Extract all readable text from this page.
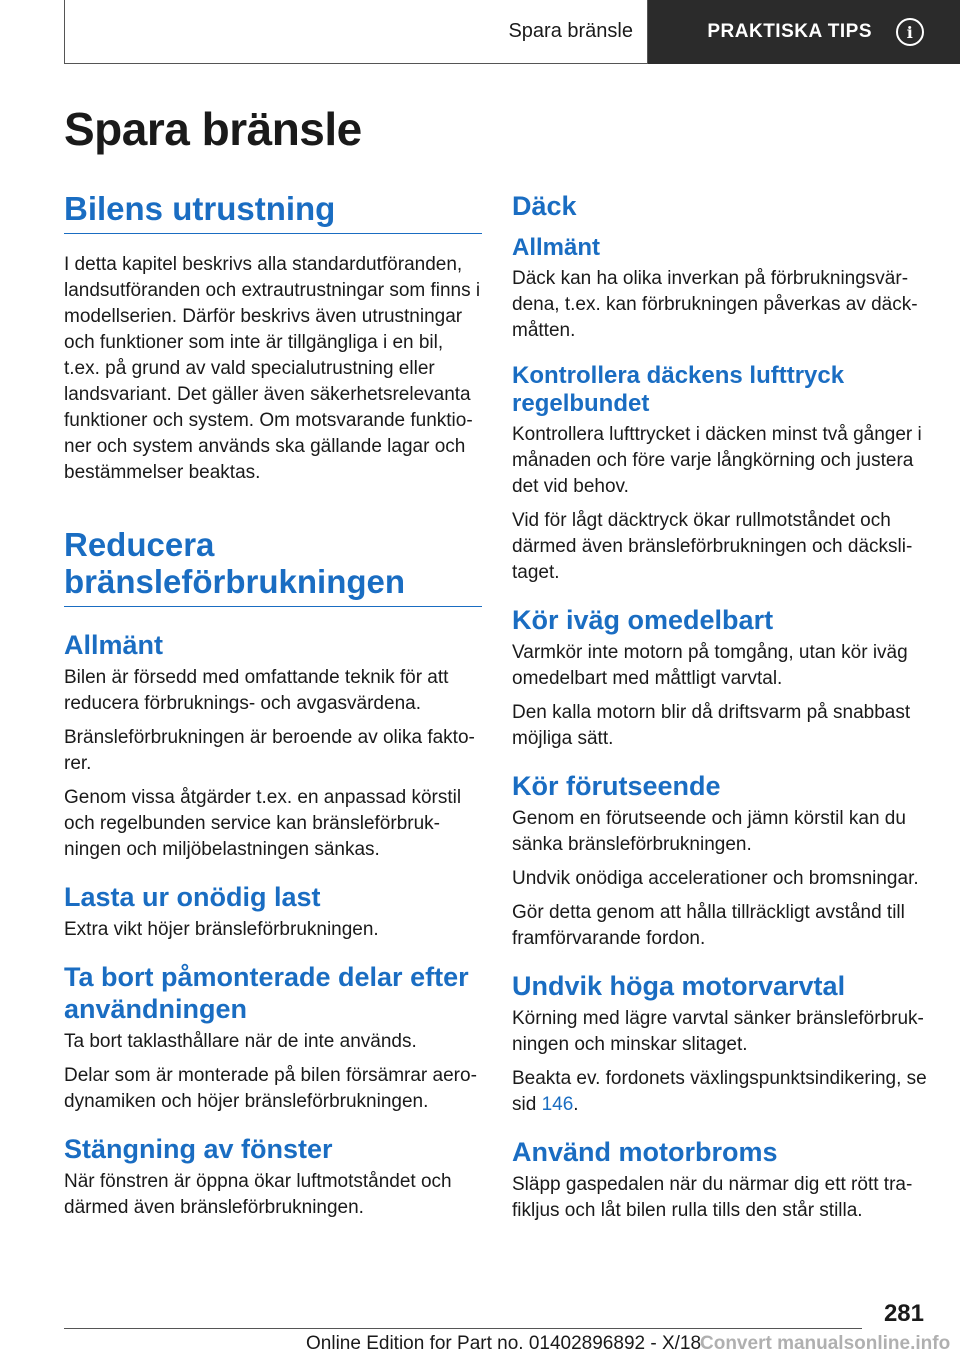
Spara bränsle	PRAKTISKA TIPS i
Spara bränsle
Bilens utrustning

I detta kapitel beskrivs alla standardutföranden, landsutföranden och extrautrustningar som finns i modellserien. Därför beskrivs även utrustningar och funktioner som inte är tillgängliga i en bil, t.ex. på grund av vald specialutrustning eller landsvariant. Det gäller även säkerhetsrelevanta funktioner och system. Om motsvarande funktioner och system används ska gällande lagar och bestämmelser beaktas.

Reducera bränsleförbrukningen
Allmänt

Bilen är försedd med omfattande teknik för att reducera förbruknings- och avgasvärdena.

Bränsleförbrukningen är beroende av olika faktorer.

Genom vissa åtgärder t.ex. en anpassad körstil och regelbunden service kan bränsleförbrukningen och miljöbelastningen sänkas.

Lasta ur onödig last

Extra vikt höjer bränsleförbrukningen.

Ta bort påmonterade delar efter användningen

Ta bort taklasthållare när de inte används.

Delar som är monterade på bilen försämrar aerodynamiken och höjer bränsleförbrukningen.

Stängning av fönster

När fönstren är öppna ökar luftmotståndet och därmed även bränsleförbrukningen.

Däck
Allmänt

Däck kan ha olika inverkan på förbrukningsvärdena, t.ex. kan förbrukningen påverkas av däckmåtten.

Kontrollera däckens lufttryck regelbundet

Kontrollera lufttrycket i däcken minst två gånger i månaden och före varje långkörning och justera det vid behov.

Vid för lågt däcktryck ökar rullmotståndet och därmed även bränsleförbrukningen och däckslitaget.

Kör iväg omedelbart

Varmkör inte motorn på tomgång, utan kör iväg omedelbart med måttligt varvtal.

Den kalla motorn blir då driftsvarm på snabbast möjliga sätt.

Kör förutseende

Genom en förutseende och jämn körstil kan du sänka bränsleförbrukningen.

Undvik onödiga accelerationer och bromsningar.

Gör detta genom att hålla tillräckligt avstånd till framförvarande fordon.

Undvik höga motorvarvtal

Körning med lägre varvtal sänker bränsleförbrukningen och minskar slitaget.

Beakta ev. fordonets växlingspunktsindikering, se sid 146.

Använd motorbroms

Släpp gaspedalen när du närmar dig ett rött trafikljus och låt bilen rulla tills den står stilla.

281
Online Edition for Part no. 01402896892 - X/18
Convert manualsonline.info
